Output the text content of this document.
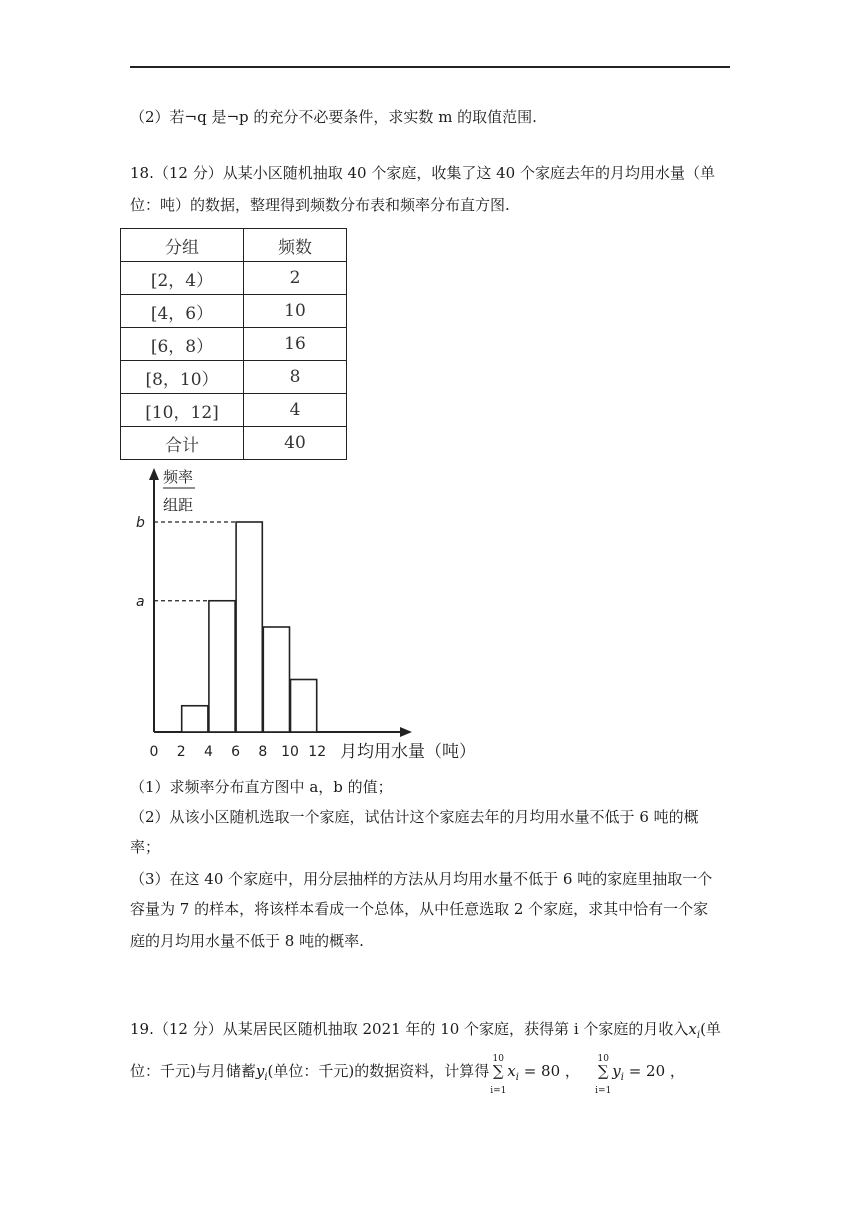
（2）若¬q 是¬p 的充分不必要条件，求实数 m 的取值范围.
18.（12 分）从某小区随机抽取 40 个家庭，收集了这 40 个家庭去年的月均用水量（单
位：吨）的数据，整理得到频数分布表和频率分布直方图.
分组	频数
[2，4）	2
[4，6）	10
[6，8）	16
[8，10）	8
[10，12]	4
合计	40
b
a
频率
组距
0 2 4 6 8 10 12 月均用水量（吨）
（1）求频率分布直方图中 a，b 的值；
（2）从该小区随机选取一个家庭，试估计这个家庭去年的月均用水量不低于 6 吨的概
率；
（3）在这 40 个家庭中，用分层抽样的方法从月均用水量不低于 6 吨的家庭里抽取一个
容量为 7 的样本，将该样本看成一个总体，从中任意选取 2 个家庭，求其中恰有一个家
庭的月均用水量不低于 8 吨的概率.
19.（12 分）从某居民区随机抽取 2021 年的 10 个家庭，获得第 i 个家庭的月收入$x_i$(单
位：千元)与月储蓄$y_i$(单位：千元)的数据资料，计算得
10
∑
i=1
$x_i = 80$ ，
10
∑
i=1
$y_i = 20$ ，
